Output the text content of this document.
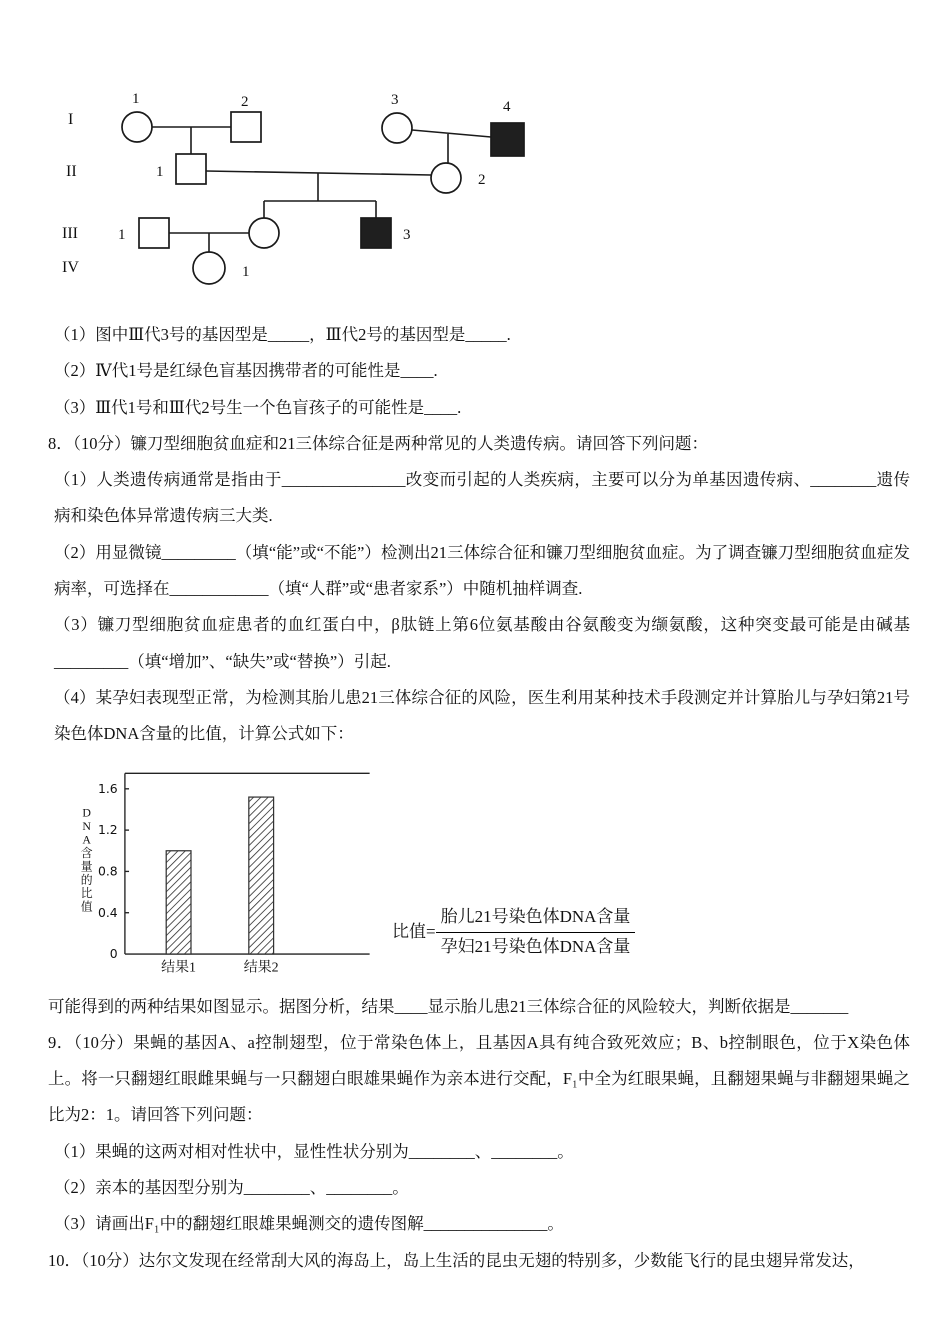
I
II
III
IV
1	2	3	4
1	2
1	3
1

（1）图中Ⅲ代3号的基因型是_____，Ⅲ代2号的基因型是_____.

（2）Ⅳ代1号是红绿色盲基因携带者的可能性是____.

（3）Ⅲ代1号和Ⅲ代2号生一个色盲孩子的可能性是____.

8．（10分）镰刀型细胞贫血症和21三体综合征是两种常见的人类遗传病。请回答下列问题：

（1）人类遗传病通常是指由于_______________改变而引起的人类疾病，主要可以分为单基因遗传病、________遗传病和染色体异常遗传病三大类.

（2）用显微镜_________（填“能”或“不能”）检测出21三体综合征和镰刀型细胞贫血症。为了调查镰刀型细胞贫血症发病率，可选择在____________（填“人群”或“患者家系”）中随机抽样调查.

（3）镰刀型细胞贫血症患者的血红蛋白中，β肽链上第6位氨基酸由谷氨酸变为缬氨酸，这种突变最可能是由碱基_________（填“增加”、“缺失”或“替换”）引起.

（4）某孕妇表现型正常，为检测其胎儿患21三体综合征的风险，医生利用某种技术手段测定并计算胎儿与孕妇第21号染色体DNA含量的比值，计算公式如下：

0
0.4
0.8
1.2
1.6
结果1	结果2
D N A 含量的比值
比值= $\frac{\text{胎儿21号染色体DNA含量}}{\text{孕妇21号染色体DNA含量}}$

可能得到的两种结果如图显示。据图分析，结果____显示胎儿患21三体综合征的风险较大，判断依据是_______

9．（10分）果蝇的基因A、a控制翅型，位于常染色体上，且基因A具有纯合致死效应；B、b控制眼色，位于X染色体上。将一只翻翅红眼雌果蝇与一只翻翅白眼雄果蝇作为亲本进行交配，F₁中全为红眼果蝇，且翻翅果蝇与非翻翅果蝇之比为2：1。请回答下列问题：

（1）果蝇的这两对相对性状中，显性性状分别为________、________。

（2）亲本的基因型分别为________、________。

（3）请画出F₁中的翻翅红眼雄果蝇测交的遗传图解_______________。

10．（10分）达尔文发现在经常刮大风的海岛上，岛上生活的昆虫无翅的特别多，少数能飞行的昆虫翅异常发达，
